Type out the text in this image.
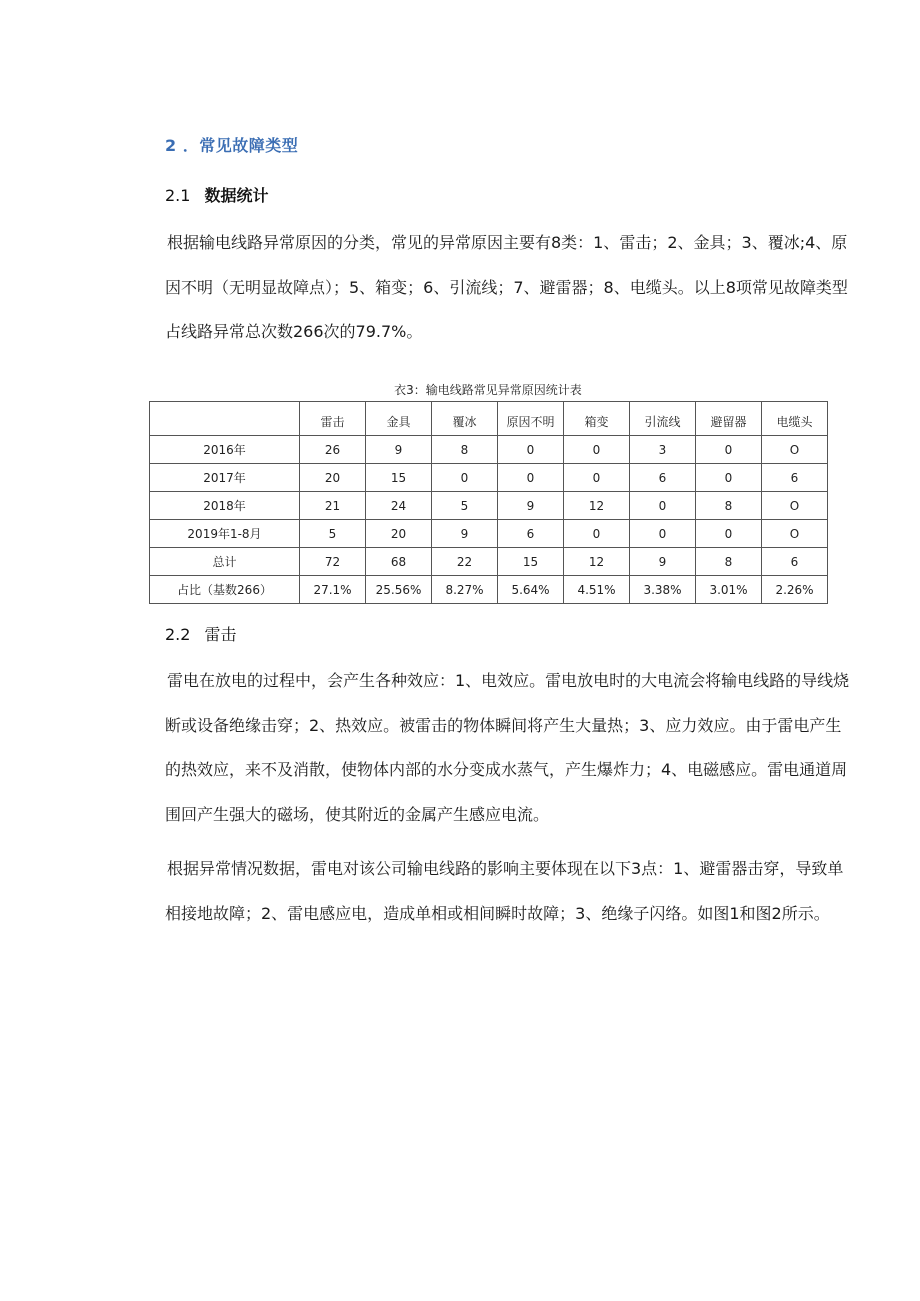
2 ．常见故障类型
2.1 数据统计

根据输电线路异常原因的分类，常见的异常原因主要有8类：1、雷击；2、金具；3、覆冰;4、原因不明（无明显故障点）；5、箱变；6、引流线；7、避雷器；8、电缆头。以上8项常见故障类型占线路异常总次数266次的79.7%。

衣3：输电线路常见异常原因统计表
	雷击	金具	覆冰	原因不明	箱变	引流线	避留器	电缆头
2016年	26	9	8	0	0	3	0	O
2017年	20	15	0	0	0	6	0	6
2018年	21	24	5	9	12	0	8	O
2019年1-8月	5	20	9	6	0	0	0	O
总计	72	68	22	15	12	9	8	6
占比（基数266）	27.1%	25.56%	8.27%	5.64%	4.51%	3.38%	3.01%	2.26%
2.2 雷击

雷电在放电的过程中，会产生各种效应：1、电效应。雷电放电时的大电流会将输电线路的导线烧断或设备绝缘击穿；2、热效应。被雷击的物体瞬间将产生大量热；3、应力效应。由于雷电产生的热效应，来不及消散，使物体内部的水分变成水蒸气，产生爆炸力；4、电磁感应。雷电通道周围回产生强大的磁场，使其附近的金属产生感应电流。

根据异常情况数据，雷电对该公司输电线路的影响主要体现在以下3点：1、避雷器击穿，导致单相接地故障；2、雷电感应电，造成单相或相间瞬时故障；3、绝缘子闪络。如图1和图2所示。
